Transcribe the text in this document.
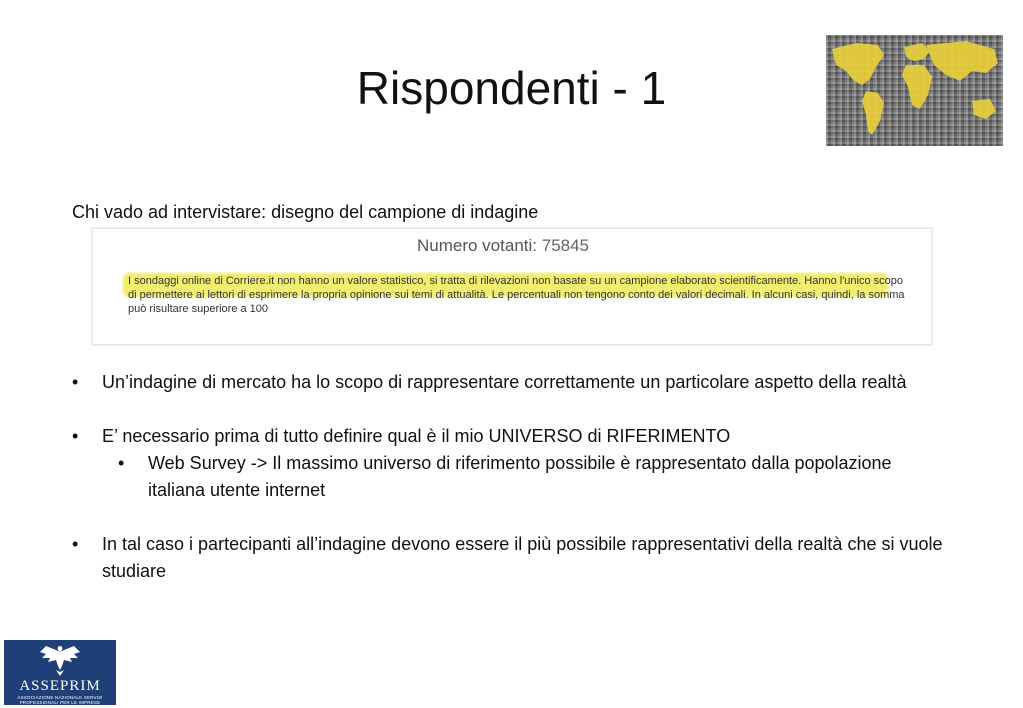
Rispondenti - 1
Chi vado ad intervistare: disegno del campione di indagine
Numero votanti: 75845
I sondaggi online di Corriere.it non hanno un valore statistico, si tratta di rilevazioni non basate su un campione elaborato scientificamente. Hanno l'unico scopo di permettere ai lettori di esprimere la propria opinione sui temi di attualità. Le percentuali non tengono conto dei valori decimali. In alcuni casi, quindi, la somma può risultare superiore a 100
• Un’indagine di mercato ha lo scopo di rappresentare correttamente un particolare aspetto della realtà
• E’ necessario prima di tutto definire qual è il mio UNIVERSO di RIFERIMENTO
• Web Survey -> Il massimo universo di riferimento possibile è rappresentato dalla popolazione italiana utente internet
• In tal caso i partecipanti all’indagine devono essere il più possibile rappresentativi della realtà che si vuole studiare
ASSEPRIM
ASSOCIAZIONE NAZIONALE SERVIZI PROFESSIONALI PER LE IMPRESE
